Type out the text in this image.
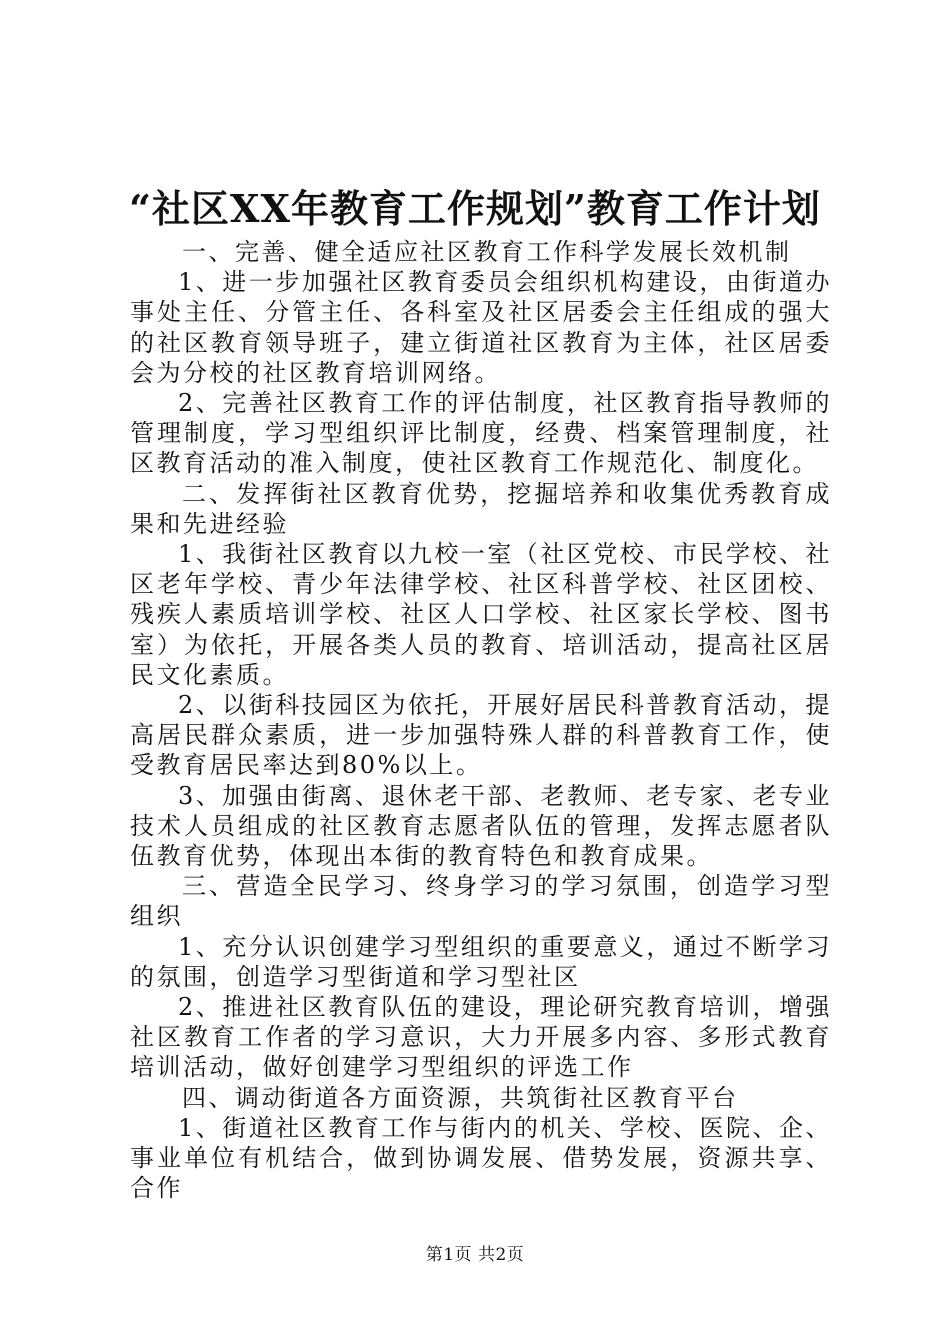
“社区XX年教育工作规划”教育工作计划

一、完善、健全适应社区教育工作科学发展长效机制

1、进一步加强社区教育委员会组织机构建设，由街道办事处主任、分管主任、各科室及社区居委会主任组成的强大的社区教育领导班子，建立街道社区教育为主体，社区居委会为分校的社区教育培训网络。

2、完善社区教育工作的评估制度，社区教育指导教师的管理制度，学习型组织评比制度，经费、档案管理制度，社区教育活动的准入制度，使社区教育工作规范化、制度化。

二、发挥街社区教育优势，挖掘培养和收集优秀教育成果和先进经验

1、我街社区教育以九校一室（社区党校、市民学校、社区老年学校、青少年法律学校、社区科普学校、社区团校、残疾人素质培训学校、社区人口学校、社区家长学校、图书室）为依托，开展各类人员的教育、培训活动，提高社区居民文化素质。

2、以街科技园区为依托，开展好居民科普教育活动，提高居民群众素质，进一步加强特殊人群的科普教育工作，使受教育居民率达到80%以上。

3、加强由街离、退休老干部、老教师、老专家、老专业技术人员组成的社区教育志愿者队伍的管理，发挥志愿者队伍教育优势，体现出本街的教育特色和教育成果。

三、营造全民学习、终身学习的学习氛围，创造学习型组织

1、充分认识创建学习型组织的重要意义，通过不断学习的氛围，创造学习型街道和学习型社区

2、推进社区教育队伍的建设，理论研究教育培训，增强社区教育工作者的学习意识，大力开展多内容、多形式教育培训活动，做好创建学习型组织的评选工作

四、调动街道各方面资源，共筑街社区教育平台

1、街道社区教育工作与街内的机关、学校、医院、企、事业单位有机结合，做到协调发展、借势发展，资源共享、合作

第1页 共2页
